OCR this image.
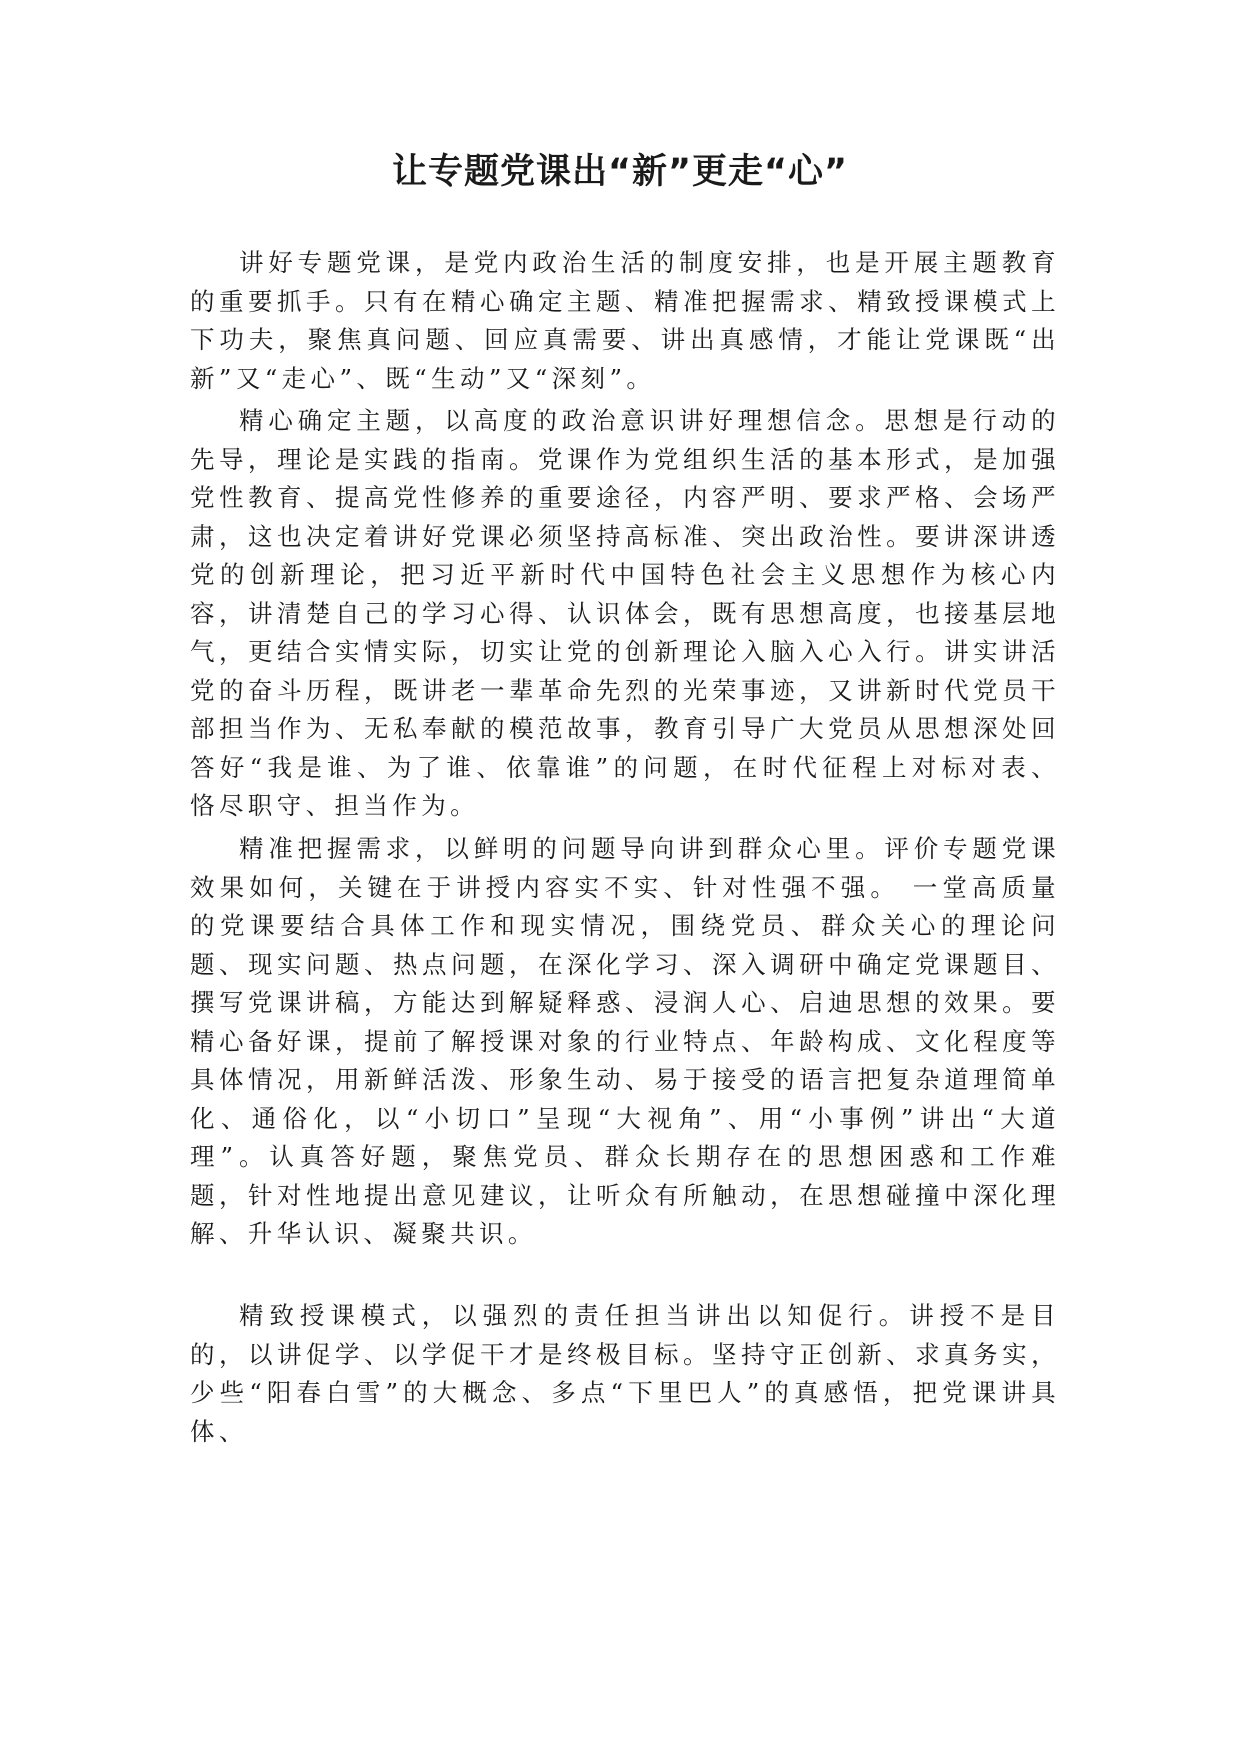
让专题党课出“新”更走“心”

讲好专题党课，是党内政治生活的制度安排，也是开展主题教育的重要抓手。只有在精心确定主题、精准把握需求、精致授课模式上下功夫，聚焦真问题、回应真需要、讲出真感情，才能让党课既“出新”又“走心”、既“生动”又“深刻”。

精心确定主题，以高度的政治意识讲好理想信念。思想是行动的先导，理论是实践的指南。党课作为党组织生活的基本形式，是加强党性教育、提高党性修养的重要途径，内容严明、要求严格、会场严肃，这也决定着讲好党课必须坚持高标准、突出政治性。要讲深讲透党的创新理论，把习近平新时代中国特色社会主义思想作为核心内容，讲清楚自己的学习心得、认识体会，既有思想高度，也接基层地气，更结合实情实际，切实让党的创新理论入脑入心入行。讲实讲活党的奋斗历程，既讲老一辈革命先烈的光荣事迹，又讲新时代党员干部担当作为、无私奉献的模范故事，教育引导广大党员从思想深处回答好“我是谁、为了谁、依靠谁”的问题，在时代征程上对标对表、恪尽职守、担当作为。

精准把握需求，以鲜明的问题导向讲到群众心里。评价专题党课效果如何，关键在于讲授内容实不实、针对性强不强。 一堂高质量的党课要结合具体工作和现实情况，围绕党员、群众关心的理论问题、现实问题、热点问题，在深化学习、深入调研中确定党课题目、撰写党课讲稿，方能达到解疑释惑、浸润人心、启迪思想的效果。要精心备好课，提前了解授课对象的行业特点、年龄构成、文化程度等具体情况，用新鲜活泼、形象生动、易于接受的语言把复杂道理简单化、通俗化，以“小切口”呈现“大视角”、用“小事例”讲出“大道理”。认真答好题，聚焦党员、群众长期存在的思想困惑和工作难题，针对性地提出意见建议，让听众有所触动，在思想碰撞中深化理解、升华认识、凝聚共识。

精致授课模式，以强烈的责任担当讲出以知促行。讲授不是目的，以讲促学、以学促干才是终极目标。坚持守正创新、求真务实，少些“阳春白雪”的大概念、多点“下里巴人”的真感悟，把党课讲具体、
